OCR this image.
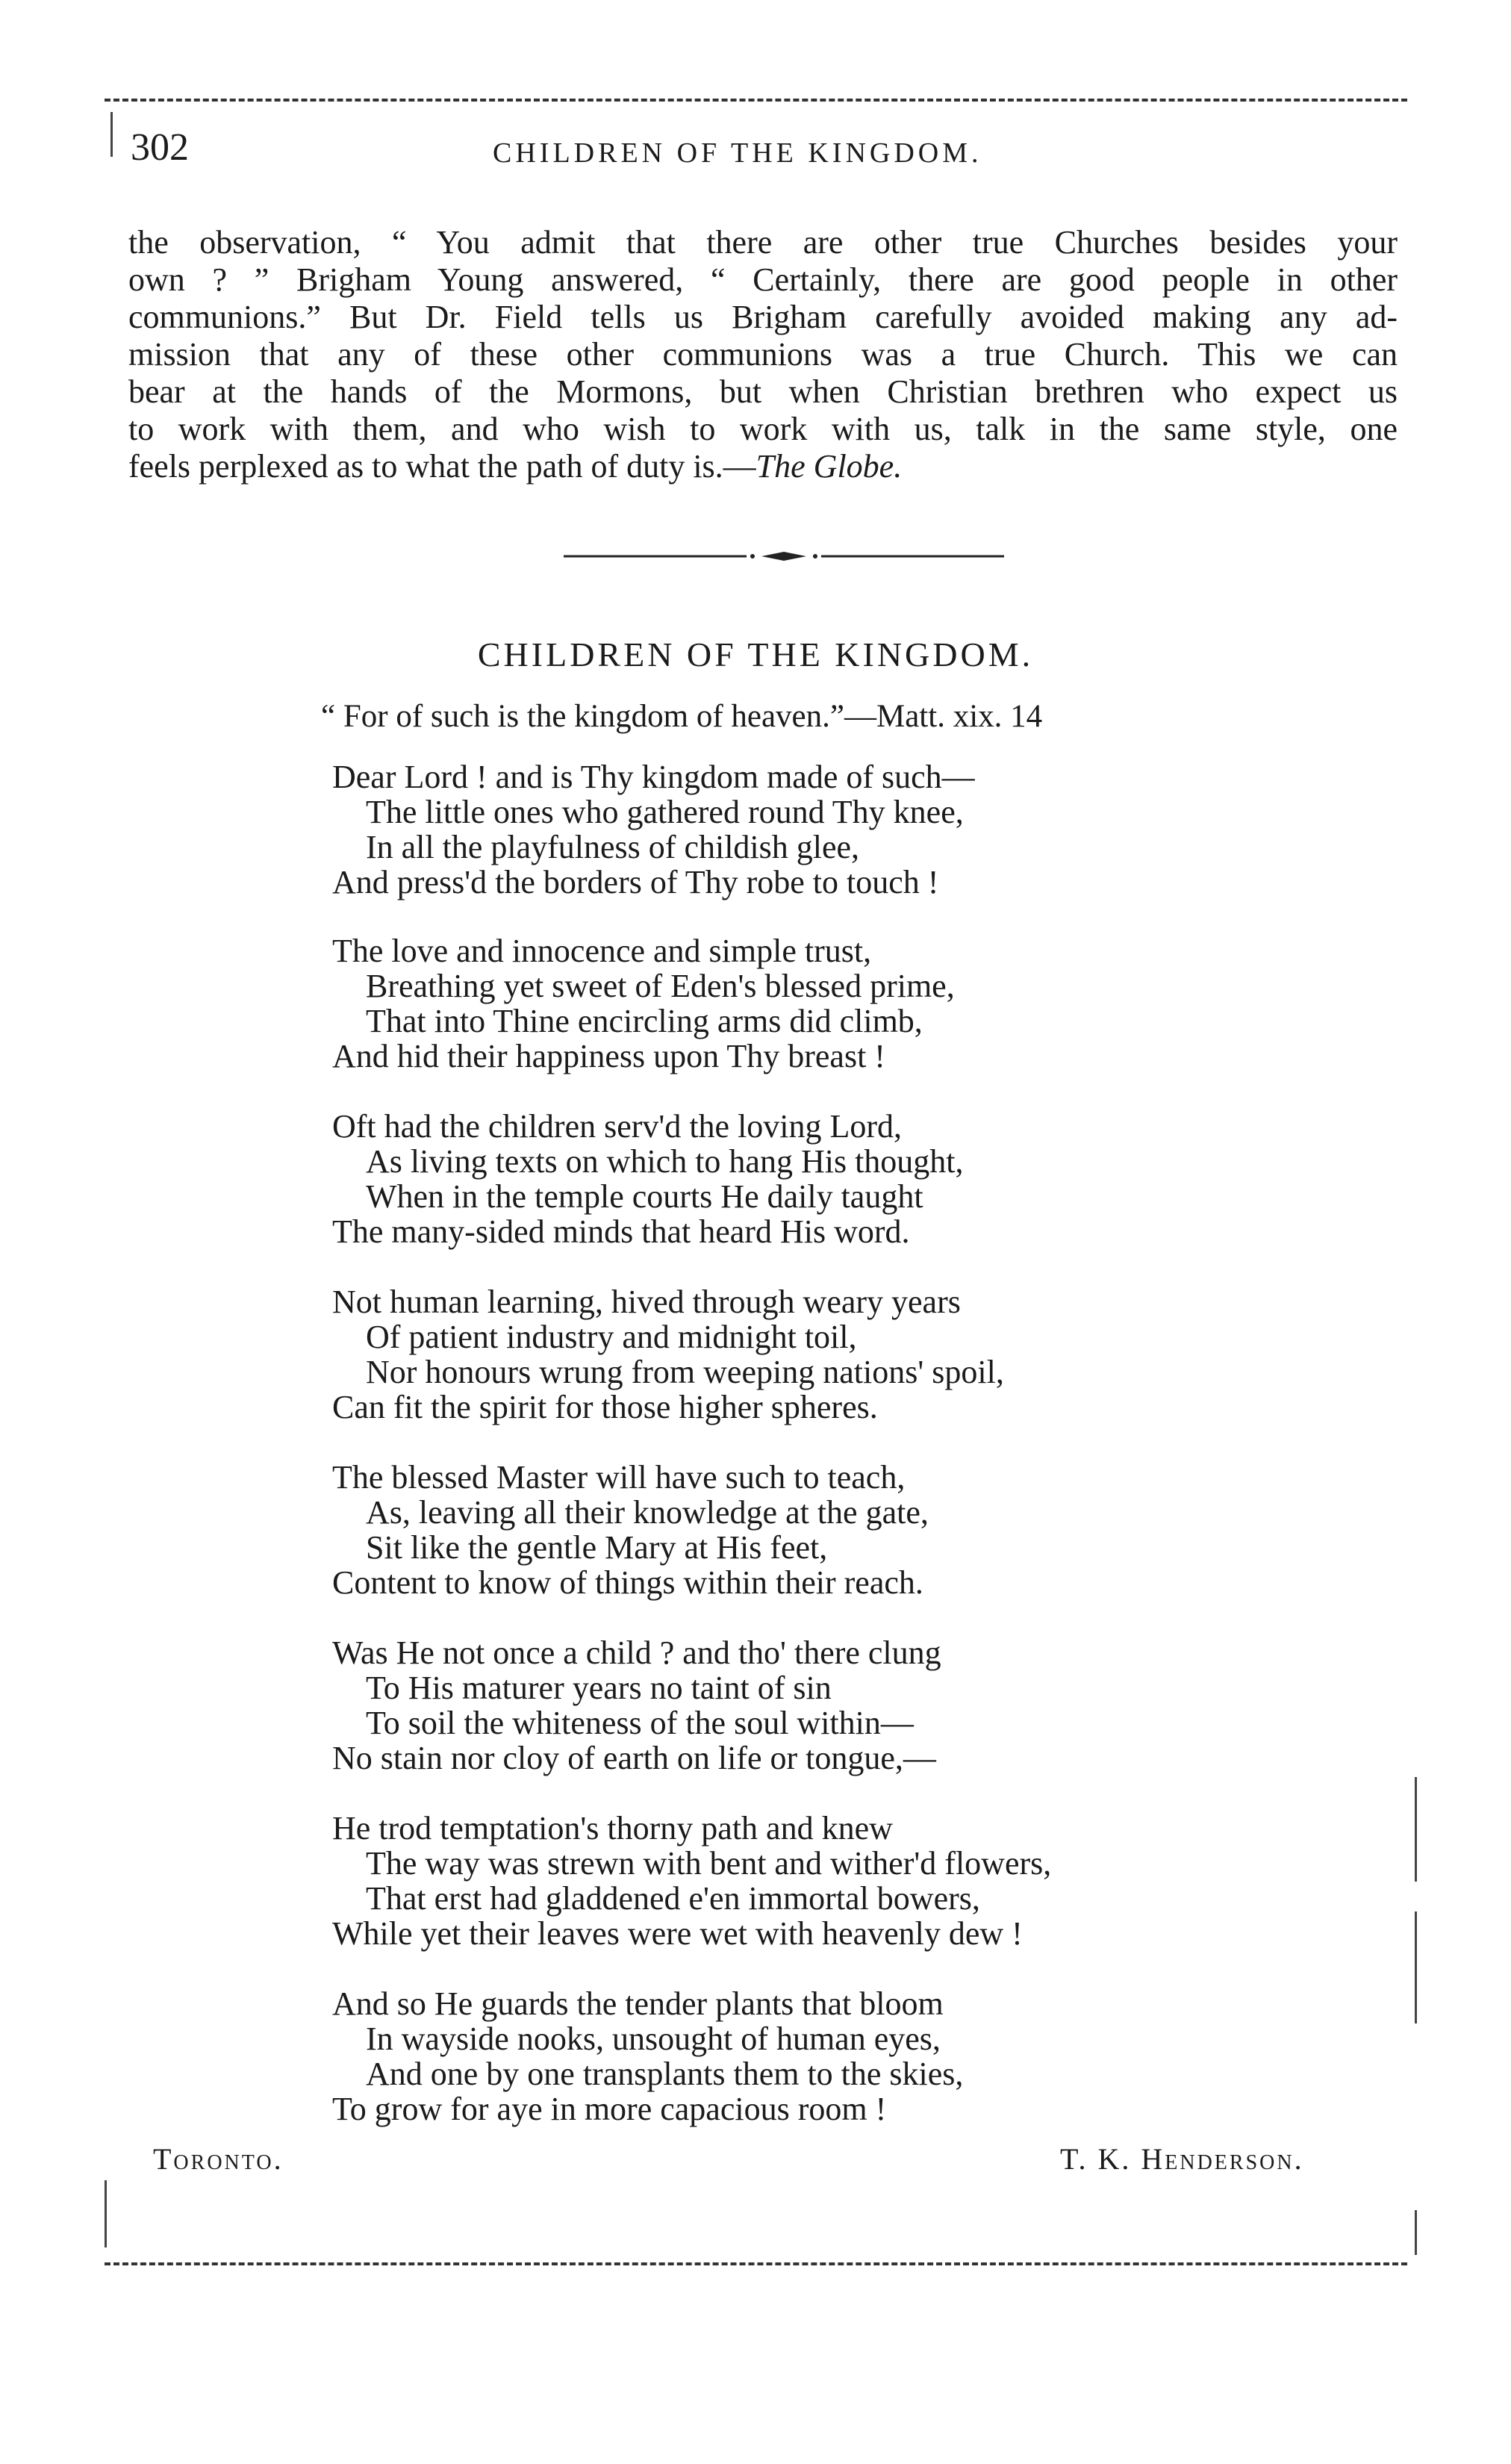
302	CHILDREN OF THE KINGDOM.
the observation, “ You admit that there are other true Churches besides your
own ? ” Brigham Young answered, “ Certainly, there are good people in other
communions.” But Dr. Field tells us Brigham carefully avoided making any ad-
mission that any of these other communions was a true Church. This we can
bear at the hands of the Mormons, but when Christian brethren who expect us
to work with them, and who wish to work with us, talk in the same style, one
feels perplexed as to what the path of duty is.—The Globe.
CHILDREN OF THE KINGDOM.
“ For of such is the kingdom of heaven.”—Matt. xix. 14
Dear Lord ! and is Thy kingdom made of such—
The little ones who gathered round Thy knee,
In all the playfulness of childish glee,
And press'd the borders of Thy robe to touch !
The love and innocence and simple trust,
Breathing yet sweet of Eden's blessed prime,
That into Thine encircling arms did climb,
And hid their happiness upon Thy breast !
Oft had the children serv'd the loving Lord,
As living texts on which to hang His thought,
When in the temple courts He daily taught
The many-sided minds that heard His word.
Not human learning, hived through weary years
Of patient industry and midnight toil,
Nor honours wrung from weeping nations' spoil,
Can fit the spirit for those higher spheres.
The blessed Master will have such to teach,
As, leaving all their knowledge at the gate,
Sit like the gentle Mary at His feet,
Content to know of things within their reach.
Was He not once a child ? and tho' there clung
To His maturer years no taint of sin
To soil the whiteness of the soul within—
No stain nor cloy of earth on life or tongue,—
He trod temptation's thorny path and knew
The way was strewn with bent and wither'd flowers,
That erst had gladdened e'en immortal bowers,
While yet their leaves were wet with heavenly dew !
And so He guards the tender plants that bloom
In wayside nooks, unsought of human eyes,
And one by one transplants them to the skies,
To grow for aye in more capacious room !
Toronto.	T. K. Henderson.
